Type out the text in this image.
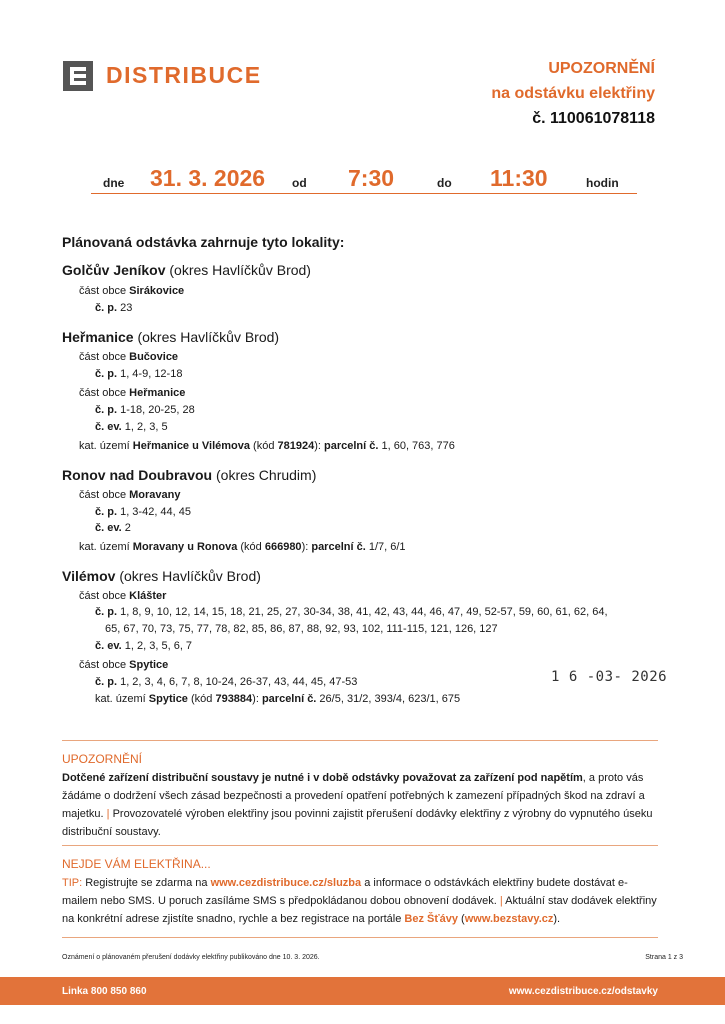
DISTRIBUCE	UPOZORNĚNÍ
na odstávku elektřiny
č. 110061078118
dne 31. 3. 2026 od 7:30	do 11:30	hodin
Plánovaná odstávka zahrnuje tyto lokality:
Golčův Jeníkov (okres Havlíčkův Brod)
část obce Sirákovice
č. p. 23
Heřmanice (okres Havlíčkův Brod)
část obce Bučovice
č. p. 1, 4-9, 12-18
část obce Heřmanice
č. p. 1-18, 20-25, 28
č. ev. 1, 2, 3, 5
kat. území Heřmanice u Vilémova (kód 781924): parcelní č. 1, 60, 763, 776
Ronov nad Doubravou (okres Chrudim)
část obce Moravany
č. p. 1, 3-42, 44, 45
č. ev. 2
kat. území Moravany u Ronova (kód 666980): parcelní č. 1/7, 6/1
Vilémov (okres Havlíčkův Brod)
část obce Klášter
č. p. 1, 8, 9, 10, 12, 14, 15, 18, 21, 25, 27, 30-34, 38, 41, 42, 43, 44, 46, 47, 49, 52-57, 59, 60, 61, 62, 64,
65, 67, 70, 73, 75, 77, 78, 82, 85, 86, 87, 88, 92, 93, 102, 111-115, 121, 126, 127
č. ev. 1, 2, 3, 5, 6, 7
část obce Spytice
č. p. 1, 2, 3, 4, 6, 7, 8, 10-24, 26-37, 43, 44, 45, 47-53
kat. území Spytice (kód 793884): parcelní č. 26/5, 31/2, 393/4, 623/1, 675
1 6 -03- 2026
UPOZORNĚNÍ
Dotčené zařízení distribuční soustavy je nutné i v době odstávky považovat za zařízení pod napětím, a proto vás žádáme o dodržení všech zásad bezpečnosti a provedení opatření potřebných k zamezení případných škod na zdraví a majetku. | Provozovatelé výroben elektřiny jsou povinni zajistit přerušení dodávky elektřiny z výrobny do vypnutého úseku distribuční soustavy.
NEJDE VÁM ELEKTŘINA...
TIP: Registrujte se zdarma na www.cezdistribuce.cz/sluzba a informace o odstávkách elektřiny budete dostávat e-mailem nebo SMS. U poruch zasíláme SMS s předpokládanou dobou obnovení dodávek. | Aktuální stav dodávek elektřiny na konkrétní adrese zjistíte snadno, rychle a bez registrace na portále Bez Šťávy (www.bezstavy.cz).
Oznámení o plánovaném přerušení dodávky elektřiny publikováno dne 10. 3. 2026.	Strana 1 z 3
Linka 800 850 860	www.cezdistribuce.cz/odstavky
